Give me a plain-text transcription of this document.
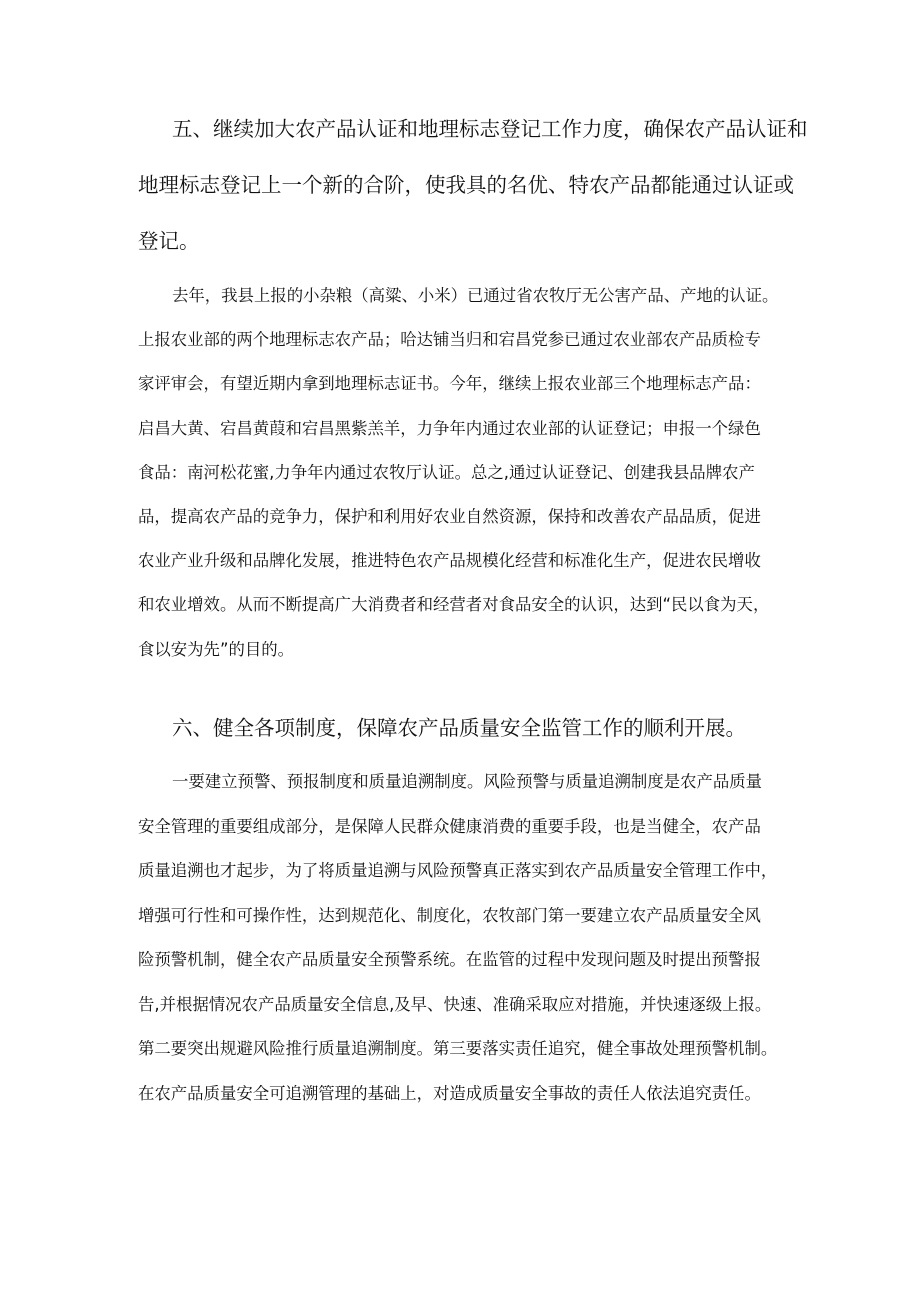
五、继续加大农产品认证和地理标志登记工作力度，确保农产品认证和
地理标志登记上一个新的合阶，使我具的名优、特农产品都能通过认证或
登记。
去年，我县上报的小杂粮（高粱、小米）已通过省农牧厅无公害产品、产地的认证。
上报农业部的两个地理标志农产品；哈达铺当归和宕昌党参已通过农业部农产品质检专
家评审会，有望近期内拿到地理标志证书。今年，继续上报农业部三个地理标志产品：
启昌大黄、宕昌黄葭和宕昌黑紫羔羊，力争年内通过农业部的认证登记；申报一个绿色
食品：南河松花蜜,力争年内通过农牧厅认证。总之,通过认证登记、创建我县品牌农产
品，提高农产品的竞争力，保护和利用好农业自然资源，保持和改善农产品品质，促进
农业产业升级和品牌化发展，推进特色农产品规模化经营和标准化生产，促进农民增收
和农业增效。从而不断提高广大消费者和经营者对食品安全的认识，达到“民以食为天，
食以安为先”的目的。
六、健全各项制度，保障农产品质量安全监管工作的顺利开展。
一要建立预警、预报制度和质量追溯制度。风险预警与质量追溯制度是农产品质量
安全管理的重要组成部分，是保障人民群众健康消费的重要手段，也是当健全，农产品
质量追溯也才起步，为了将质量追溯与风险预警真正落实到农产品质量安全管理工作中，
增强可行性和可操作性，达到规范化、制度化，农牧部门第一要建立农产品质量安全风
险预警机制，健全农产品质量安全预警系统。在监管的过程中发现问题及时提出预警报
告,并根据情况农产品质量安全信息,及早、快速、准确采取应对措施，并快速逐级上报。
第二要突出规避风险推行质量追溯制度。第三要落实责任追究，健全事故处理预警机制。
在农产品质量安全可追溯管理的基础上，对造成质量安全事故的责任人依法追究责任。
